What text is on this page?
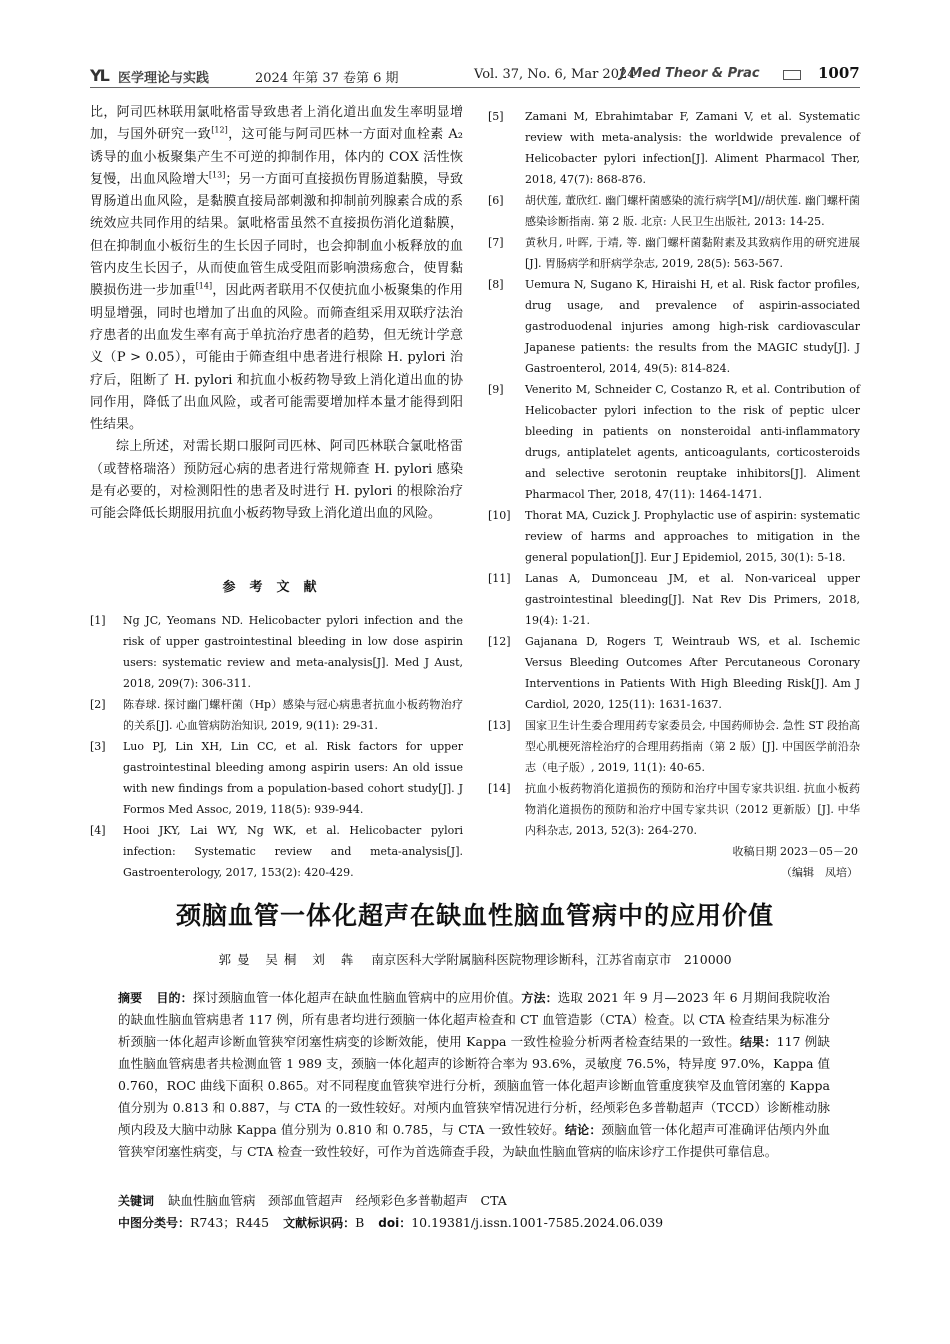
YL 医学理论与实践	2024 年第 37 卷第 6 期	Vol. 37, No. 6, Mar 2024
J Med Theor & Prac	1007

比，阿司匹林联用氯吡格雷导致患者上消化道出血发生率明显增加，与国外研究一致[12]，这可能与阿司匹林一方面对血栓素 A₂ 诱导的血小板聚集产生不可逆的抑制作用，体内的 COX 活性恢复慢，出血风险增大[13]；另一方面可直接损伤胃肠道黏膜，导致胃肠道出血风险，是黏膜直接局部刺激和抑制前列腺素合成的系统效应共同作用的结果。氯吡格雷虽然不直接损伤消化道黏膜，但在抑制血小板衍生的生长因子同时，也会抑制血小板释放的血管内皮生长因子，从而使血管生成受阻而影响溃疡愈合，使胃黏膜损伤进一步加重[14]，因此两者联用不仅使抗血小板聚集的作用明显增强，同时也增加了出血的风险。而筛查组采用双联疗法治疗患者的出血发生率有高于单抗治疗患者的趋势，但无统计学意义（P > 0.05），可能由于筛查组中患者进行根除 H. pylori 治疗后，阻断了 H. pylori 和抗血小板药物导致上消化道出血的协同作用，降低了出血风险，或者可能需要增加样本量才能得到阳性结果。

综上所述，对需长期口服阿司匹林、阿司匹林联合氯吡格雷（或替格瑞洛）预防冠心病的患者进行常规筛查 H. pylori 感染是有必要的，对检测阳性的患者及时进行 H. pylori 的根除治疗可能会降低长期服用抗血小板药物导致上消化道出血的风险。

参考文献
[1] Ng JC, Yeomans ND. Helicobacter pylori infection and the risk of upper gastrointestinal bleeding in low dose aspirin users: systematic review and meta-analysis[J]. Med J Aust, 2018, 209(7): 306-311.
[2] 陈春球. 探讨幽门螺杆菌（Hp）感染与冠心病患者抗血小板药物治疗的关系[J]. 心血管病防治知识, 2019, 9(11): 29-31.
[3] Luo PJ, Lin XH, Lin CC, et al. Risk factors for upper gastrointestinal bleeding among aspirin users: An old issue with new findings from a population-based cohort study[J]. J Formos Med Assoc, 2019, 118(5): 939-944.
[4] Hooi JKY, Lai WY, Ng WK, et al. Helicobacter pylori infection: Systematic review and meta-analysis[J]. Gastroenterology, 2017, 153(2): 420-429.
[5] Zamani M, Ebrahimtabar F, Zamani V, et al. Systematic review with meta-analysis: the worldwide prevalence of Helicobacter pylori infection[J]. Aliment Pharmacol Ther, 2018, 47(7): 868-876.
[6] 胡伏莲, 董欣红. 幽门螺杆菌感染的流行病学[M]//胡伏莲. 幽门螺杆菌感染诊断指南. 第 2 版. 北京: 人民卫生出版社, 2013: 14-25.
[7] 黄秋月, 叶晖, 于靖, 等. 幽门螺杆菌黏附素及其致病作用的研究进展[J]. 胃肠病学和肝病学杂志, 2019, 28(5): 563-567.
[8] Uemura N, Sugano K, Hiraishi H, et al. Risk factor profiles, drug usage, and prevalence of aspirin-associated gastroduodenal injuries among high-risk cardiovascular Japanese patients: the results from the MAGIC study[J]. J Gastroenterol, 2014, 49(5): 814-824.
[9] Venerito M, Schneider C, Costanzo R, et al. Contribution of Helicobacter pylori infection to the risk of peptic ulcer bleeding in patients on nonsteroidal anti-inflammatory drugs, antiplatelet agents, anticoagulants, corticosteroids and selective serotonin reuptake inhibitors[J]. Aliment Pharmacol Ther, 2018, 47(11): 1464-1471.
[10] Thorat MA, Cuzick J. Prophylactic use of aspirin: systematic review of harms and approaches to mitigation in the general population[J]. Eur J Epidemiol, 2015, 30(1): 5-18.
[11] Lanas A, Dumonceau JM, et al. Non-variceal upper gastrointestinal bleeding[J]. Nat Rev Dis Primers, 2018, 19(4): 1-21.
[12] Gajanana D, Rogers T, Weintraub WS, et al. Ischemic Versus Bleeding Outcomes After Percutaneous Coronary Interventions in Patients With High Bleeding Risk[J]. Am J Cardiol, 2020, 125(11): 1631-1637.
[13] 国家卫生计生委合理用药专家委员会, 中国药师协会. 急性 ST 段抬高型心肌梗死溶栓治疗的合理用药指南（第 2 版）[J]. 中国医学前沿杂志（电子版）, 2019, 11(1): 40-65.
[14] 抗血小板药物消化道损伤的预防和治疗中国专家共识组. 抗血小板药物消化道损伤的预防和治疗中国专家共识（2012 更新版）[J]. 中华内科杂志, 2013, 52(3): 264-270.
收稿日期 2023－05－20
（编辑　凤培）
颈脑血管一体化超声在缺血性脑血管病中的应用价值
郭曼 吴桐 刘 犇 南京医科大学附属脑科医院物理诊断科，江苏省南京市　210000
摘要 目的：探讨颈脑血管一体化超声在缺血性脑血管病中的应用价值。方法：选取 2021 年 9 月—2023 年 6 月期间我院收治的缺血性脑血管病患者 117 例，所有患者均进行颈脑一体化超声检查和 CT 血管造影（CTA）检查。以 CTA 检查结果为标准分析颈脑一体化超声诊断血管狭窄闭塞性病变的诊断效能，使用 Kappa 一致性检验分析两者检查结果的一致性。结果：117 例缺血性脑血管病患者共检测血管 1 989 支，颈脑一体化超声的诊断符合率为 93.6%，灵敏度 76.5%，特异度 97.0%，Kappa 值 0.760，ROC 曲线下面积 0.865。对不同程度血管狭窄进行分析，颈脑血管一体化超声诊断血管重度狭窄及血管闭塞的 Kappa 值分别为 0.813 和 0.887，与 CTA 的一致性较好。对颅内血管狭窄情况进行分析，经颅彩色多普勒超声（TCCD）诊断椎动脉颅内段及大脑中动脉 Kappa 值分别为 0.810 和 0.785，与 CTA 一致性较好。结论：颈脑血管一体化超声可准确评估颅内外血管狭窄闭塞性病变，与 CTA 检查一致性较好，可作为首选筛查手段，为缺血性脑血管病的临床诊疗工作提供可靠信息。
关键词 缺血性脑血管病　颈部血管超声　经颅彩色多普勒超声　CTA
中图分类号：R743；R445 文献标识码：B doi：10.19381/j.issn.1001-7585.2024.06.039
